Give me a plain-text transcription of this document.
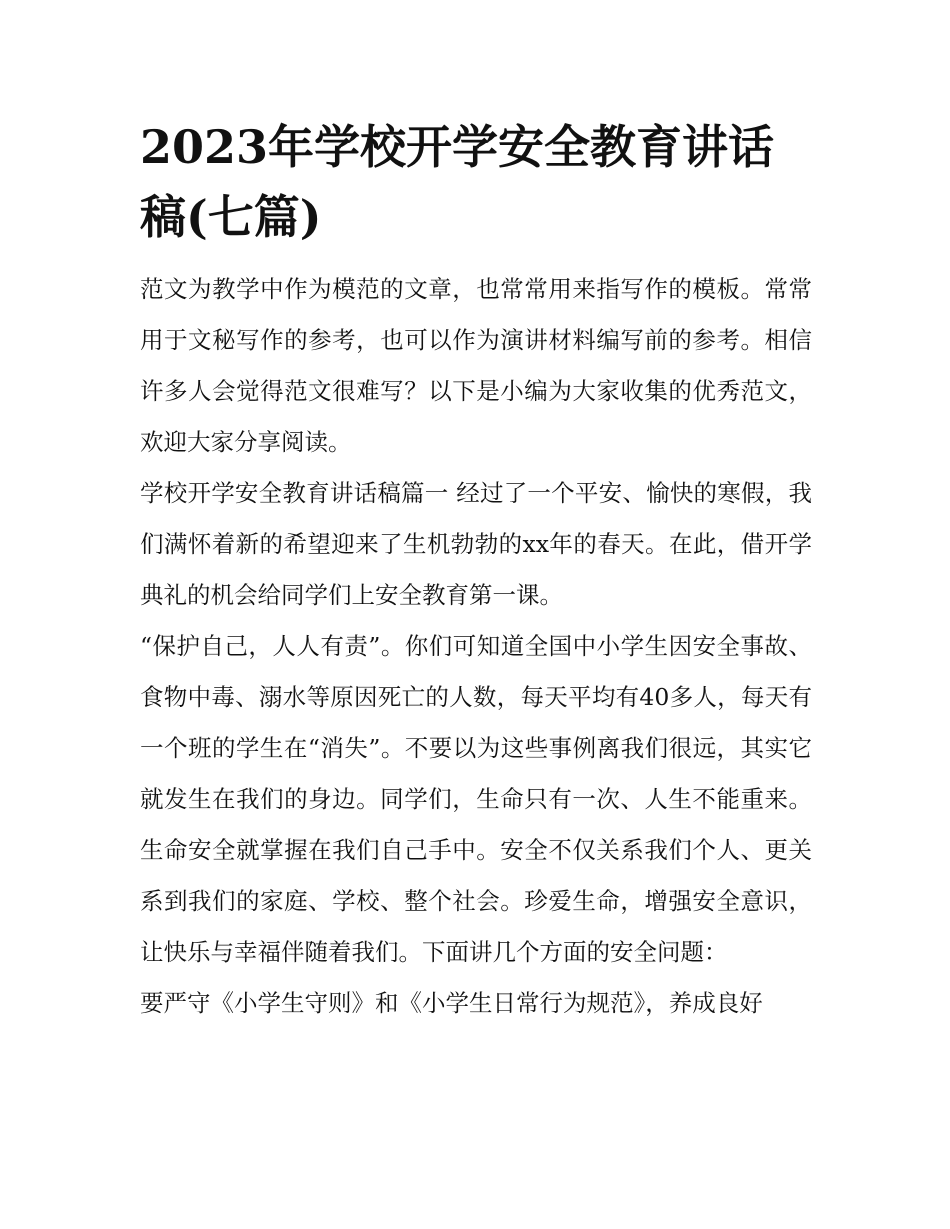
2023年学校开学安全教育讲话稿(七篇)

范文为教学中作为模范的文章，也常常用来指写作的模板。常常用于文秘写作的参考，也可以作为演讲材料编写前的参考。相信许多人会觉得范文很难写？以下是小编为大家收集的优秀范文，欢迎大家分享阅读。

学校开学安全教育讲话稿篇一 经过了一个平安、愉快的寒假，我们满怀着新的希望迎来了生机勃勃的xx年的春天。在此，借开学典礼的机会给同学们上安全教育第一课。

“保护自己，人人有责”。你们可知道全国中小学生因安全事故、食物中毒、溺水等原因死亡的人数，每天平均有40多人，每天有一个班的学生在“消失”。不要以为这些事例离我们很远，其实它就发生在我们的身边。同学们，生命只有一次、人生不能重来。生命安全就掌握在我们自己手中。安全不仅关系我们个人、更关系到我们的家庭、学校、整个社会。珍爱生命，增强安全意识，让快乐与幸福伴随着我们。下面讲几个方面的安全问题：

要严守《小学生守则》和《小学生日常行为规范》，养成良好
